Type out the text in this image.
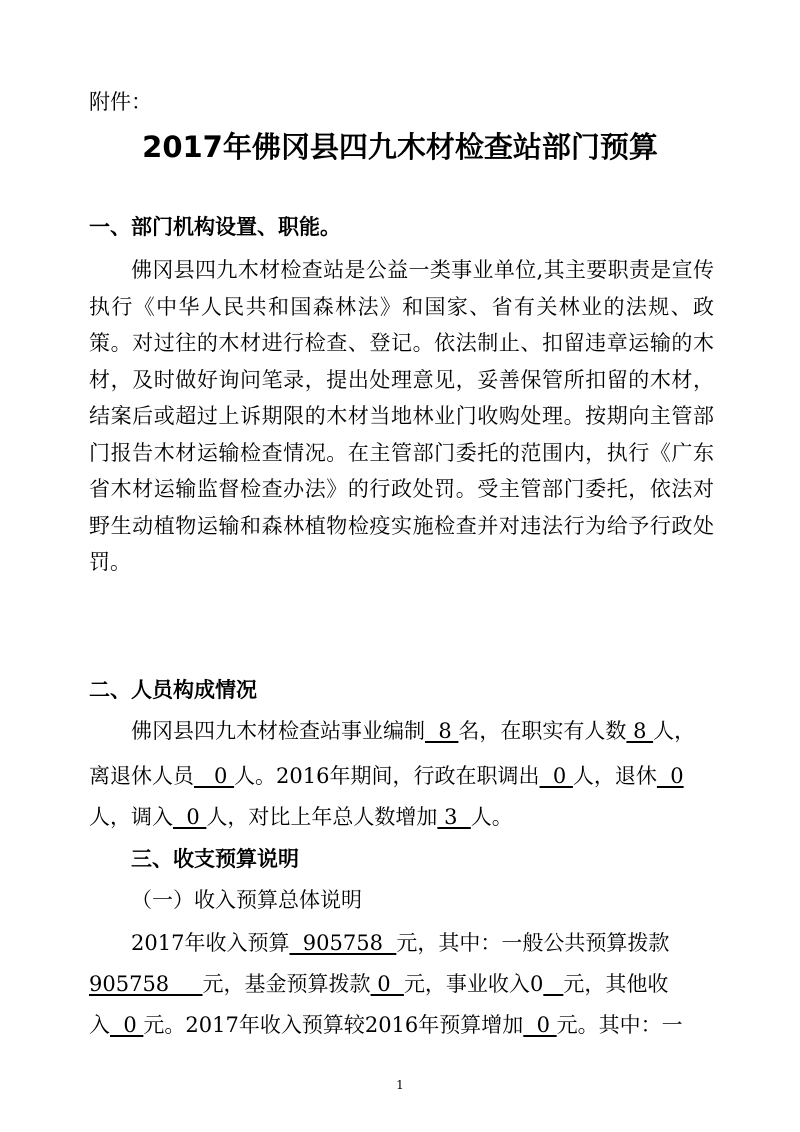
附件：
2017年佛冈县四九木材检查站部门预算
一、部门机构设置、职能。
佛冈县四九木材检查站是公益一类事业单位,其主要职责是宣传执行《中华人民共和国森林法》和国家、省有关林业的法规、政策。对过往的木材进行检查、登记。依法制止、扣留违章运输的木材，及时做好询问笔录，提出处理意见，妥善保管所扣留的木材，结案后或超过上诉期限的木材当地林业门收购处理。按期向主管部门报告木材运输检查情况。在主管部门委托的范围内，执行《广东省木材运输监督检查办法》的行政处罚。受主管部门委托，依法对野生动植物运输和森林植物检疫实施检查并对违法行为给予行政处罚。
二、人员构成情况
佛冈县四九木材检查站事业编制  8 名，在职实有人数 8 人，
离退休人员   0 人。2016年期间，行政在职调出  0 人，退休  0
人，调入  0 人，对比上年总人数增加 3  人。
三、收支预算说明
（一）收入预算总体说明
2017年收入预算  905758  元，其中：一般公共预算拨款
905758     元，基金预算拨款 0  元，事业收入0 元，其他收
入  0 元。2017年收入预算较2016年预算增加  0 元。其中：一
1
